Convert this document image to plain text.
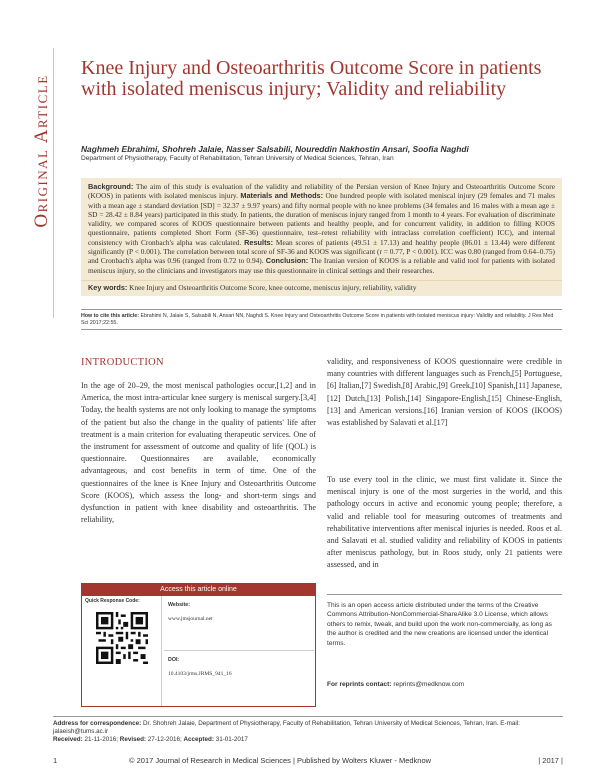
Original Article
Knee Injury and Osteoarthritis Outcome Score in patients with isolated meniscus injury; Validity and reliability
Naghmeh Ebrahimi, Shohreh Jalaie, Nasser Salsabili, Noureddin Nakhostin Ansari, Soofia Naghdi
Department of Physiotherapy, Faculty of Rehabilitation, Tehran University of Medical Sciences, Tehran, Iran
Background: The aim of this study is evaluation of the validity and reliability of the Persian version of Knee Injury and Osteoarthritis Outcome Score (KOOS) in patients with isolated meniscus injury. Materials and Methods: One hundred people with isolated meniscal injury (29 females and 71 males with a mean age ± standard deviation [SD] = 32.37 ± 9.97 years) and fifty normal people with no knee problems (34 females and 16 males with a mean age ± SD = 28.42 ± 8.84 years) participated in this study. In patients, the duration of meniscus injury ranged from 1 month to 4 years. For evaluation of discriminate validity, we compared scores of KOOS questionnaire between patients and healthy people, and for concurrent validity, in addition to filling KOOS questionnaire, patients completed Short Form (SF-36) questionnaire, test–retest reliability with intraclass correlation coefficient) ICC), and internal consistency with Cronbach's alpha was calculated. Results: Mean scores of patients (49.51 ± 17.13) and healthy people (86.01 ± 13.44) were different significantly (P < 0.001). The correlation between total score of SF-36 and KOOS was significant (r = 0.77, P < 0.001). ICC was 0.80 (ranged from 0.64–0.75) and Cronbach's alpha was 0.96 (ranged from 0.72 to 0.94). Conclusion: The Iranian version of KOOS is a reliable and valid tool for patients with isolated meniscus injury, so the clinicians and investigators may use this questionnaire in clinical settings and their researches.
Key words: Knee Injury and Osteoarthritis Outcome Score, knee outcome, meniscus injury, reliability, validity
How to cite this article: Ebrahimi N, Jalaie S, Salsabili N, Ansari NN, Naghdi S. Knee Injury and Osteoarthritis Outcome Score in patients with isolated meniscus injury: Validity and reliability. J Res Med Sci 2017;22:55.
INTRODUCTION

In the age of 20–29, the most meniscal pathologies occur,[1,2] and in America, the most intra-articular knee surgery is meniscal surgery.[3,4] Today, the health systems are not only looking to manage the symptoms of the patient but also the change in the quality of patients' life after treatment is a main criterion for evaluating therapeutic services. One of the instrument for assessment of outcome and quality of life (QOL) is questionnaire. Questionnaires are available, economically advantageous, and cost benefits in term of time. One of the questionnaires of the knee is Knee Injury and Osteoarthritis Outcome Score (KOOS), which assess the long- and short-term sings and dysfunction in patient with knee disability and osteoarthritis. The reliability,

validity, and responsiveness of KOOS questionnaire were credible in many countries with different languages such as French,[5] Portuguese,[6] Italian,[7] Swedish,[8] Arabic,[9] Greek,[10] Spanish,[11] Japanese,[12] Dutch,[13] Polish,[14] Singapore-English,[15] Chinese-English,[13] and American versions.[16] Iranian version of KOOS (IKOOS) was established by Salavati et al.[17]

To use every tool in the clinic, we must first validate it. Since the meniscal injury is one of the most surgeries in the world, and this pathology occurs in active and economic young people; therefore, a valid and reliable tool for measuring outcomes of treatments and rehabilitative interventions after meniscal injuries is needed. Roos et al. and Salavati et al. studied validity and reliability of KOOS in patients after meniscus pathology, but in Roos study, only 21 patients were assessed, and in

Access this article online
Quick Response Code:
Website:
www.jmsjournal.net
DOI:
10.4103/jrms.JRMS_941_16
This is an open access article distributed under the terms of the Creative Commons Attribution-NonCommercial-ShareAlike 3.0 License, which allows others to remix, tweak, and build upon the work non-commercially, as long as the author is credited and the new creations are licensed under the identical terms.
For reprints contact: reprints@medknow.com
Address for correspondence: Dr. Shohreh Jalaie, Department of Physiotherapy, Faculty of Rehabilitation, Tehran University of Medical Sciences, Tehran, Iran. E-mail: jalaeish@tums.ac.ir
Received: 21-11-2016; Revised: 27-12-2016; Accepted: 31-01-2017
1	© 2017 Journal of Research in Medical Sciences | Published by Wolters Kluwer - Medknow	| 2017 |
